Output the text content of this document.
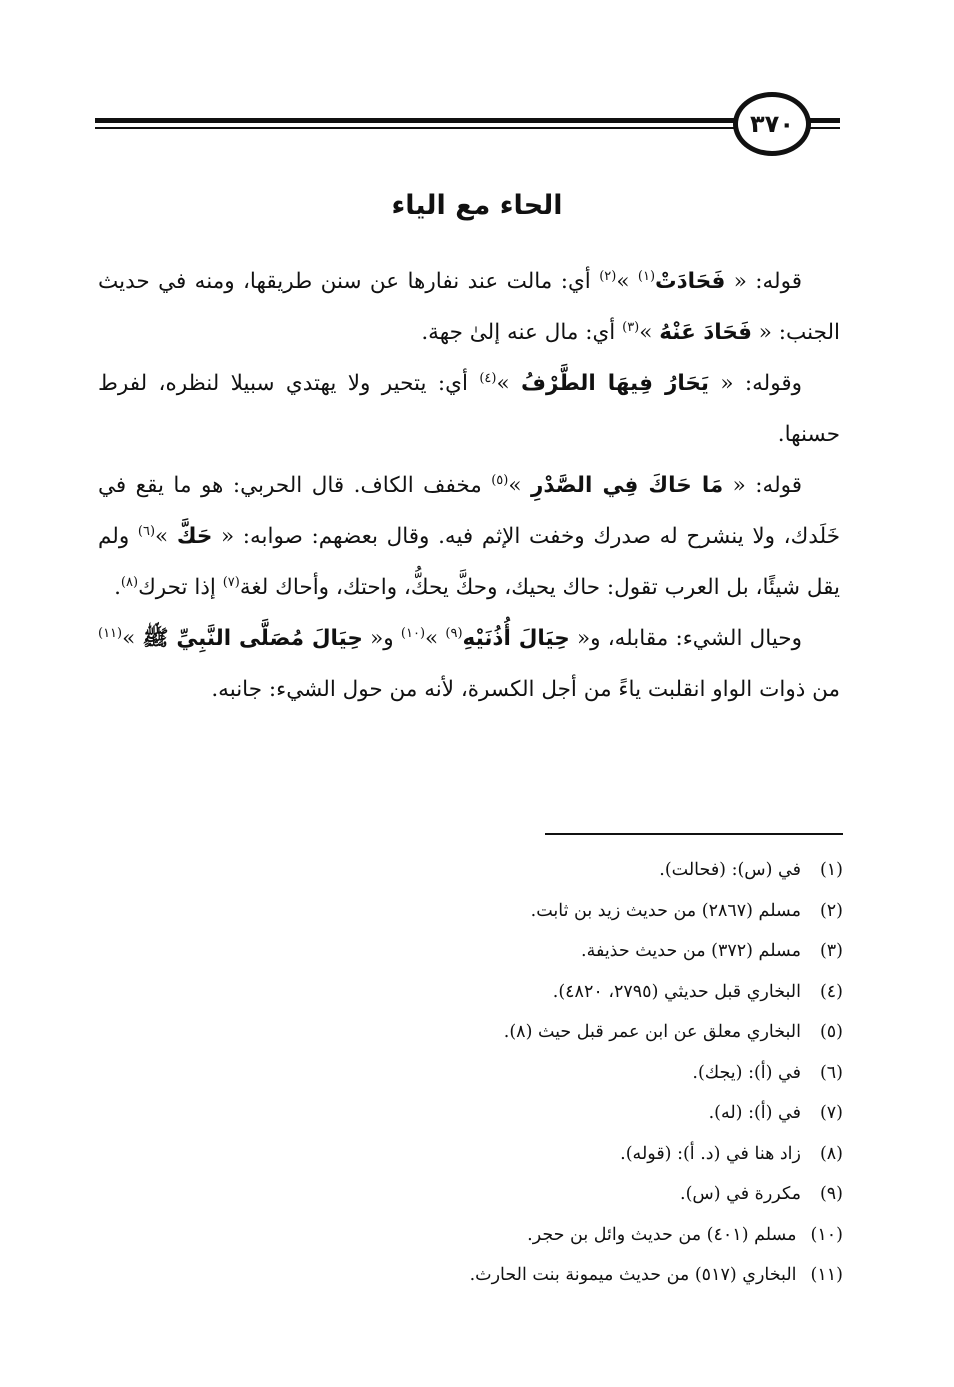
٣٧٠
الحاء مع الياء

قوله: « فَحَادَتْ$^{(١)}$ »$^{(٢)}$ أي: مالت عند نفارها عن سنن طريقها، ومنه في حديث الجنب: « فَحَادَ عَنْهُ »$^{(٣)}$ أي: مال عنه إلىٰ جهة.

وقوله: « يَحَارُ فِيهَا الطَّرْفُ »$^{(٤)}$ أي: يتحير ولا يهتدي سبيلا لنظره، لفرط حسنها.

قوله: « مَا حَاكَ فِي الصَّدْرِ »$^{(٥)}$ مخفف الكاف. قال الحربي: هو ما يقع في خَلَدك، ولا ينشرح له صدرك وخفت الإثم فيه. وقال بعضهم: صوابه: « حَكَّ »$^{(٦)}$ ولم يقل شيئًا، بل العرب تقول: حاك يحيك، وحكَّ يحكُّ، واحتك، وأحاك لغة$^{(٧)}$ إذا تحرك$^{(٨)}$.

وحيال الشيء: مقابله، و« حِيَالَ أُذُنَيْهِ$^{(٩)}$ »$^{(١٠)}$ و« حِيَالَ مُصَلَّى النَّبِيِّ ﷺ »$^{(١١)}$ من ذوات الواو انقلبت ياءً من أجل الكسرة، لأنه من حول الشيء: جانبه.

(١)
في (س): (فحالت).
(٢)
مسلم (٢٨٦٧) من حديث زيد بن ثابت.
(٣)
مسلم (٣٧٢) من حديث حذيفة.
(٤)
البخاري قبل حديثي (٢٧٩٥، ٤٨٢٠).
(٥)
البخاري معلق عن ابن عمر قبل حيث (٨).
(٦)
في (أ): (يجك).
(٧)
في (أ): (له).
(٨)
زاد هنا في (د. أ): (قوله).
(٩)
مكررة في (س).
(١٠)
مسلم (٤٠١) من حديث وائل بن حجر.
(١١)
البخاري (٥١٧) من حديث ميمونة بنت الحارث.
